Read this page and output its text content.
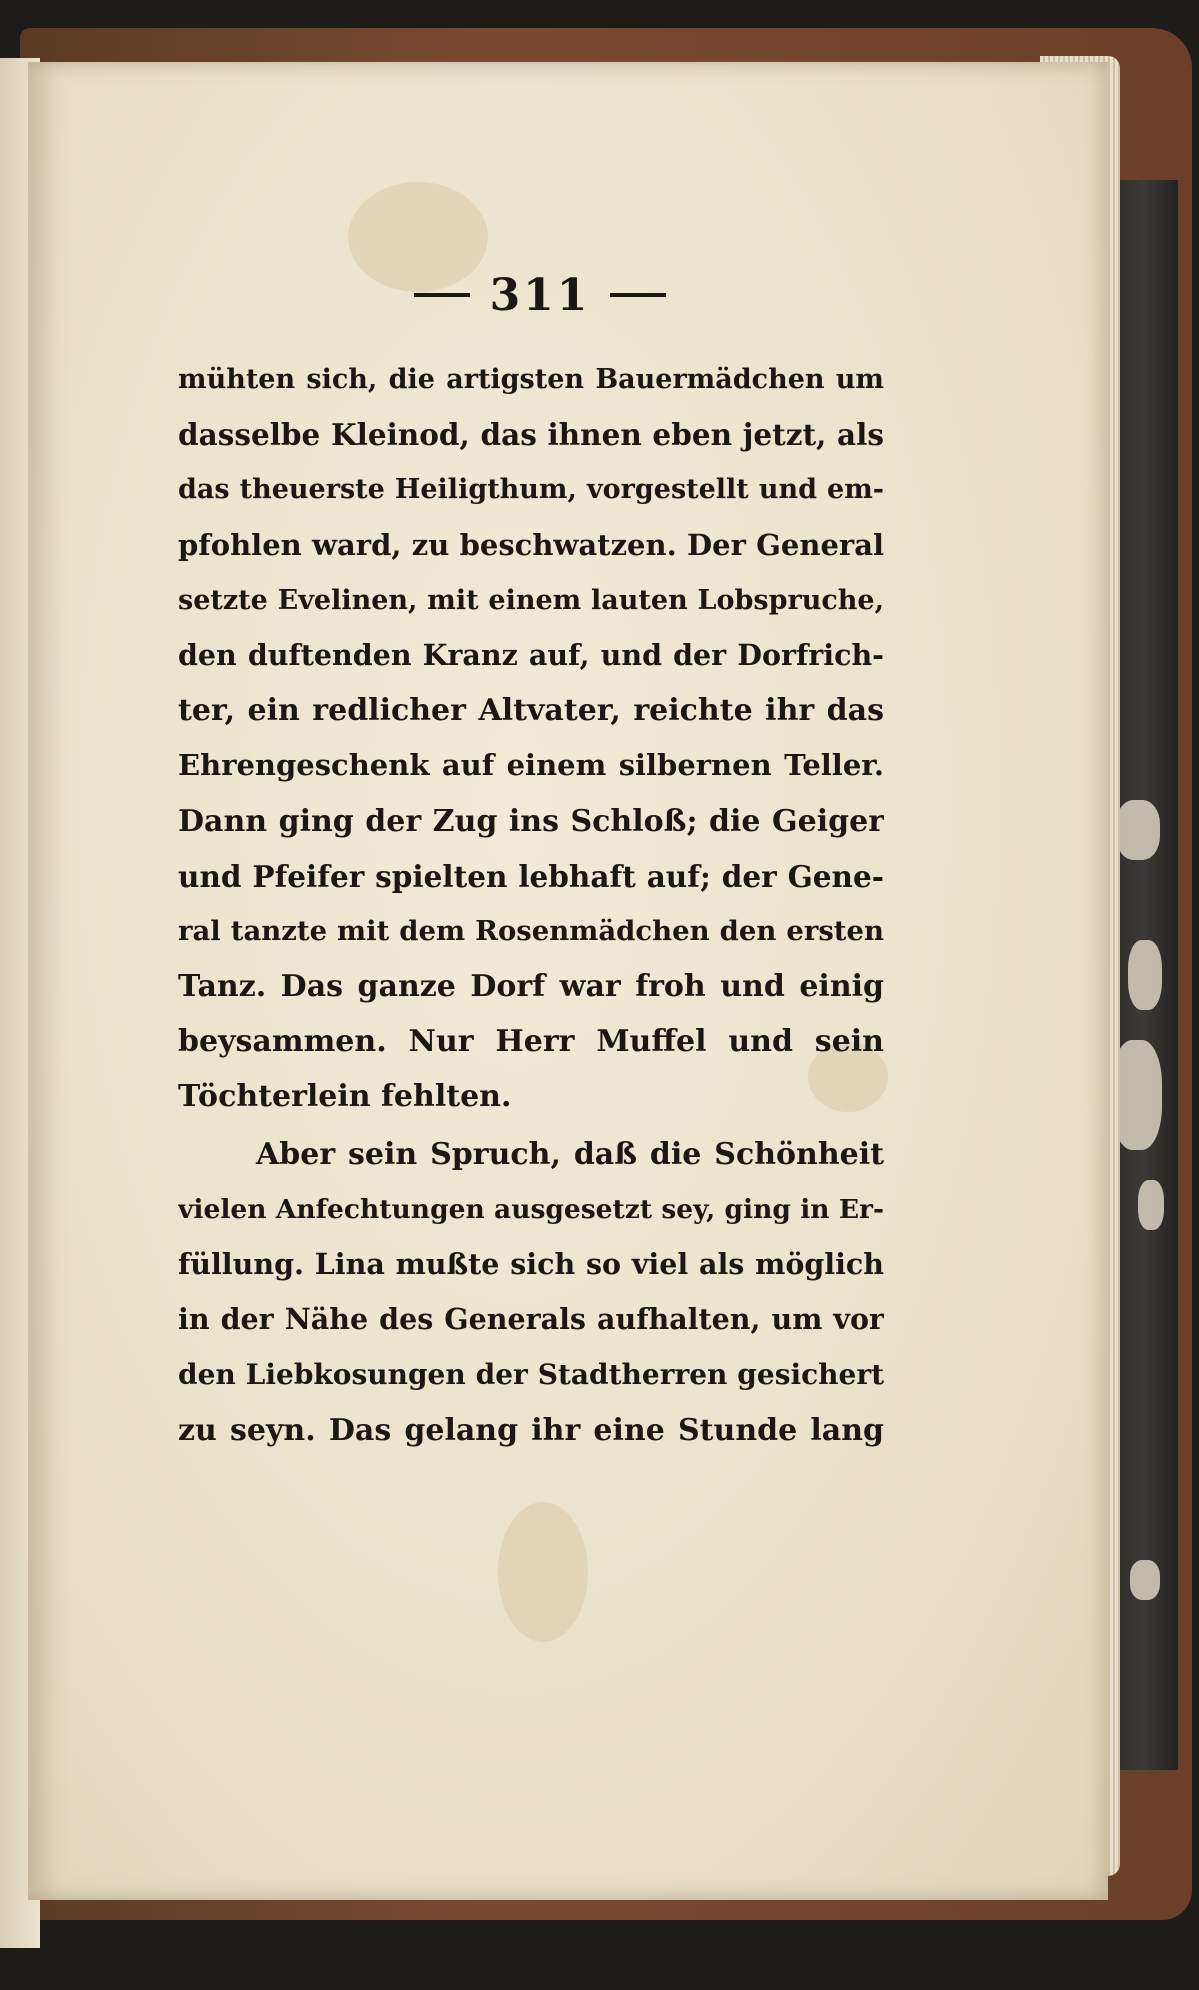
311
mühten sich, die artigsten Bauermädchen um
dasselbe Kleinod, das ihnen eben jetzt, als
das theuerste Heiligthum, vorgestellt und em-
pfohlen ward, zu beschwatzen. Der General
setzte Evelinen, mit einem lauten Lobspruche,
den duftenden Kranz auf, und der Dorfrich-
ter, ein redlicher Altvater, reichte ihr das
Ehrengeschenk auf einem silbernen Teller.
Dann ging der Zug ins Schloß; die Geiger
und Pfeifer spielten lebhaft auf; der Gene-
ral tanzte mit dem Rosenmädchen den ersten
Tanz. Das ganze Dorf war froh und einig
beysammen. Nur Herr Muffel und sein
Töchterlein fehlten.
Aber sein Spruch, daß die Schönheit
vielen Anfechtungen ausgesetzt sey, ging in Er-
füllung. Lina mußte sich so viel als möglich
in der Nähe des Generals aufhalten, um vor
den Liebkosungen der Stadtherren gesichert
zu seyn. Das gelang ihr eine Stunde lang
